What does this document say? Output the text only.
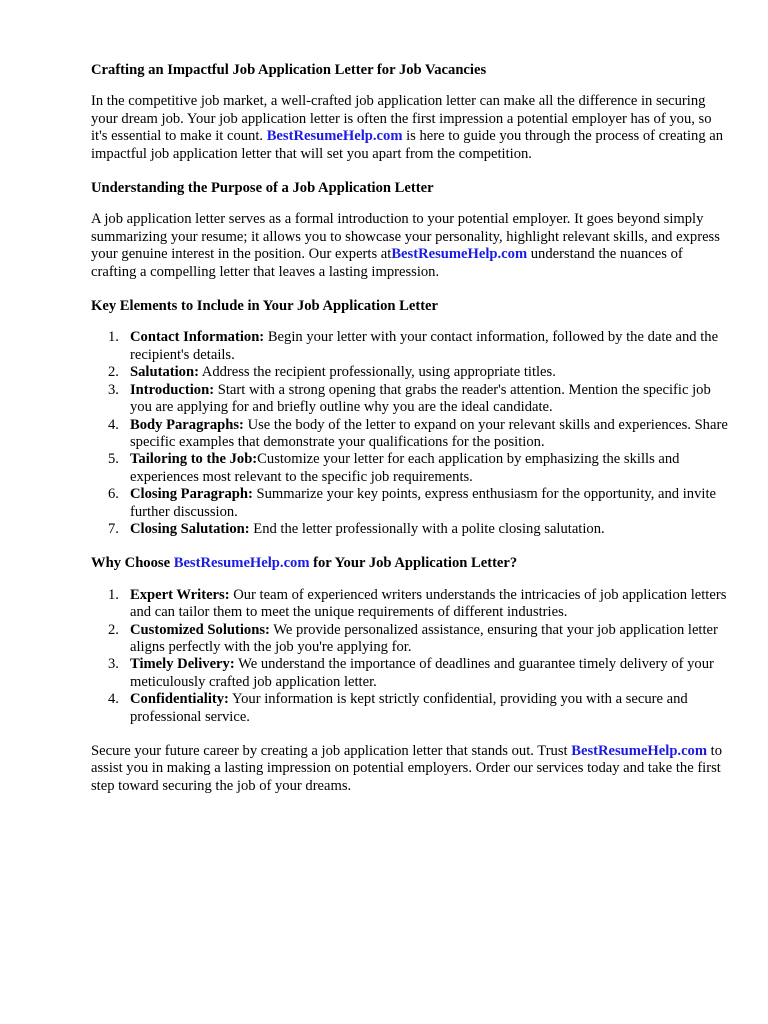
Crafting an Impactful Job Application Letter for Job Vacancies

In the competitive job market, a well-crafted job application letter can make all the difference in securing your dream job. Your job application letter is often the first impression a potential employer has of you, so it's essential to make it count. BestResumeHelp.com is here to guide you through the process of creating an impactful job application letter that will set you apart from the competition.

Understanding the Purpose of a Job Application Letter

A job application letter serves as a formal introduction to your potential employer. It goes beyond simply summarizing your resume; it allows you to showcase your personality, highlight relevant skills, and express your genuine interest in the position. Our experts atBestResumeHelp.com understand the nuances of crafting a compelling letter that leaves a lasting impression.

Key Elements to Include in Your Job Application Letter
1. Contact Information: Begin your letter with your contact information, followed by the date and the recipient's details.
2. Salutation: Address the recipient professionally, using appropriate titles.
3. Introduction: Start with a strong opening that grabs the reader's attention. Mention the specific job you are applying for and briefly outline why you are the ideal candidate.
4. Body Paragraphs: Use the body of the letter to expand on your relevant skills and experiences. Share specific examples that demonstrate your qualifications for the position.
5. Tailoring to the Job:Customize your letter for each application by emphasizing the skills and experiences most relevant to the specific job requirements.
6. Closing Paragraph: Summarize your key points, express enthusiasm for the opportunity, and invite further discussion.
7. Closing Salutation: End the letter professionally with a polite closing salutation.
Why Choose BestResumeHelp.com for Your Job Application Letter?
1. Expert Writers: Our team of experienced writers understands the intricacies of job application letters and can tailor them to meet the unique requirements of different industries.
2. Customized Solutions: We provide personalized assistance, ensuring that your job application letter aligns perfectly with the job you're applying for.
3. Timely Delivery: We understand the importance of deadlines and guarantee timely delivery of your meticulously crafted job application letter.
4. Confidentiality: Your information is kept strictly confidential, providing you with a secure and professional service.

Secure your future career by creating a job application letter that stands out. Trust BestResumeHelp.com to assist you in making a lasting impression on potential employers. Order our services today and take the first step toward securing the job of your dreams.
